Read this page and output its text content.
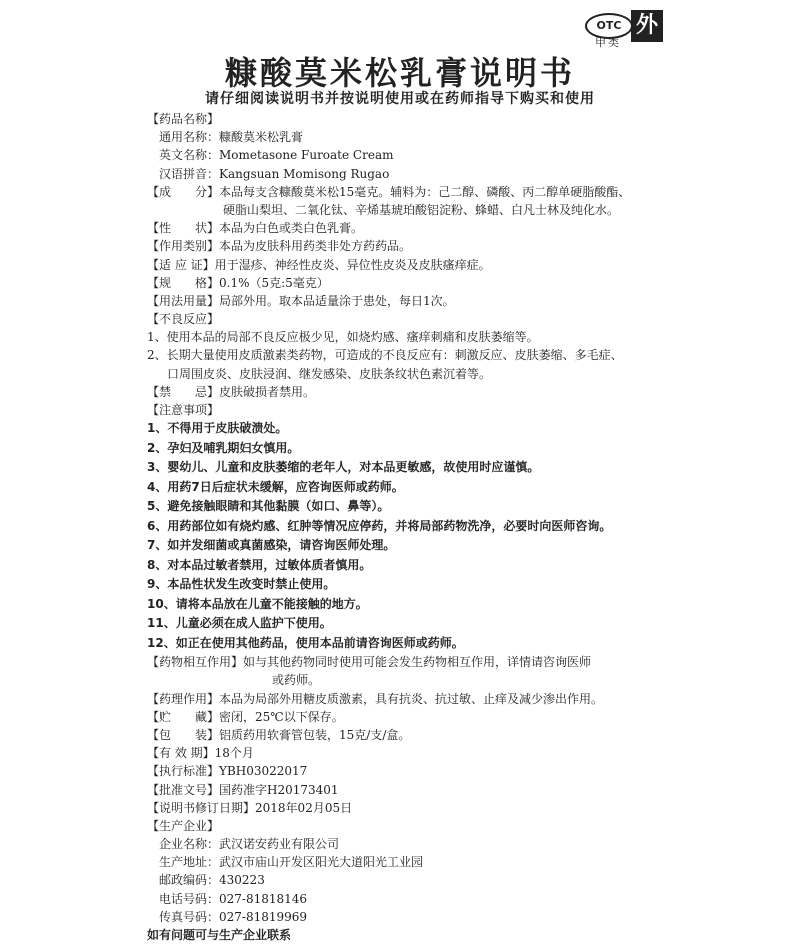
OTC
甲类
外
糠酸莫米松乳膏说明书
请仔细阅读说明书并按说明使用或在药师指导下购买和使用
【药品名称】
通用名称：糠酸莫米松乳膏
英文名称：Mometasone Furoate Cream
汉语拼音：Kangsuan Momisong Rugao
【成　　分】本品每支含糠酸莫米松15毫克。辅料为：己二醇、磷酸、丙二醇单硬脂酸酯、
硬脂山梨坦、二氧化钛、辛烯基琥珀酸铝淀粉、蜂蜡、白凡士林及纯化水。
【性　　状】本品为白色或类白色乳膏。
【作用类别】本品为皮肤科用药类非处方药药品。
【适 应 证】用于湿疹、神经性皮炎、异位性皮炎及皮肤瘙痒症。
【规　　格】0.1%（5克:5毫克）
【用法用量】局部外用。取本品适量涂于患处，每日1次。
【不良反应】
1、使用本品的局部不良反应极少见，如烧灼感、瘙痒刺痛和皮肤萎缩等。
2、长期大量使用皮质激素类药物，可造成的不良反应有：刺激反应、皮肤萎缩、多毛症、
口周围皮炎、皮肤浸润、继发感染、皮肤条纹状色素沉着等。
【禁　　忌】皮肤破损者禁用。
【注意事项】
1、不得用于皮肤破溃处。
2、孕妇及哺乳期妇女慎用。
3、婴幼儿、儿童和皮肤萎缩的老年人，对本品更敏感，故使用时应谨慎。
4、用药7日后症状未缓解，应咨询医师或药师。
5、避免接触眼睛和其他黏膜（如口、鼻等）。
6、用药部位如有烧灼感、红肿等情况应停药，并将局部药物洗净，必要时向医师咨询。
7、如并发细菌或真菌感染，请咨询医师处理。
8、对本品过敏者禁用，过敏体质者慎用。
9、本品性状发生改变时禁止使用。
10、请将本品放在儿童不能接触的地方。
11、儿童必须在成人监护下使用。
12、如正在使用其他药品，使用本品前请咨询医师或药师。
【药物相互作用】如与其他药物同时使用可能会发生药物相互作用，详情请咨询医师
或药师。
【药理作用】本品为局部外用糖皮质激素，具有抗炎、抗过敏、止痒及减少渗出作用。
【贮　　藏】密闭，25℃以下保存。
【包　　装】铝质药用软膏管包装，15克/支/盒。
【有 效 期】18个月
【执行标准】YBH03022017
【批准文号】国药准字H20173401
【说明书修订日期】2018年02月05日
【生产企业】
企业名称：武汉诺安药业有限公司
生产地址：武汉市庙山开发区阳光大道阳光工业园
邮政编码：430223
电话号码：027-81818146
传真号码：027-81819969
如有问题可与生产企业联系
